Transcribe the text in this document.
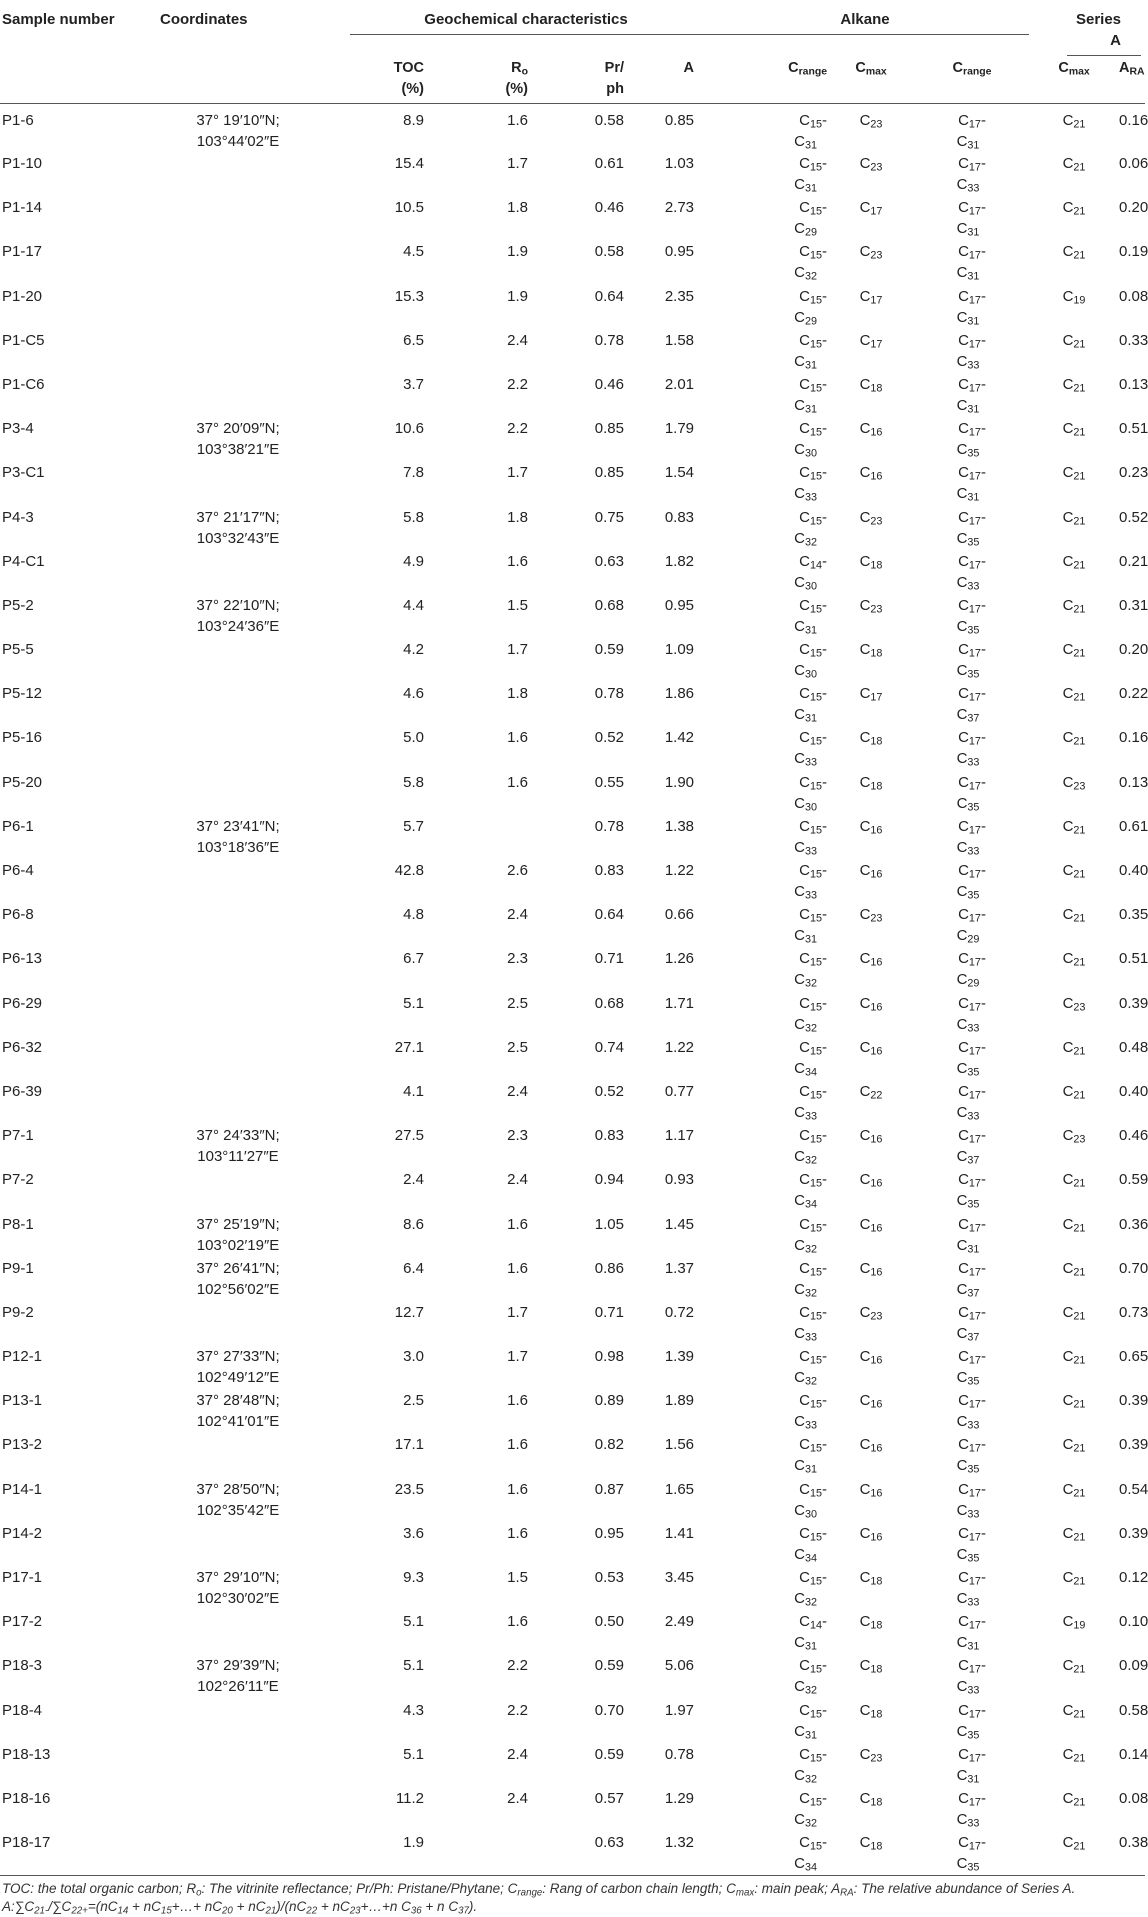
Sample number	Coordinates	Geochemical characteristics					Alkane		Series A	

		TOC
(%)	$R_o$
(%)	Pr/
ph	A	$C_{range}$	$C_{max}$	$C_{range}$	$C_{max}$	$A_{RA}$
P1-6	37° 19′10″N;
103°44′02″E	8.9	1.6	0.58	0.85	$C_{15}-$
$C_{31}$	$C_{23}$	$C_{17}-$
$C_{31}$	$C_{21}$	0.16
P1-10		15.4	1.7	0.61	1.03	$C_{15}-$
$C_{31}$	$C_{23}$	$C_{17}-$
$C_{33}$	$C_{21}$	0.06
P1-14		10.5	1.8	0.46	2.73	$C_{15}-$
$C_{29}$	$C_{17}$	$C_{17}-$
$C_{31}$	$C_{21}$	0.20
P1-17		4.5	1.9	0.58	0.95	$C_{15}-$
$C_{32}$	$C_{23}$	$C_{17}-$
$C_{31}$	$C_{21}$	0.19
P1-20		15.3	1.9	0.64	2.35	$C_{15}-$
$C_{29}$	$C_{17}$	$C_{17}-$
$C_{31}$	$C_{19}$	0.08
P1-C5		6.5	2.4	0.78	1.58	$C_{15}-$
$C_{31}$	$C_{17}$	$C_{17}-$
$C_{33}$	$C_{21}$	0.33
P1-C6		3.7	2.2	0.46	2.01	$C_{15}-$
$C_{31}$	$C_{18}$	$C_{17}-$
$C_{31}$	$C_{21}$	0.13
P3-4	37° 20′09″N;
103°38′21″E	10.6	2.2	0.85	1.79	$C_{15}-$
$C_{30}$	$C_{16}$	$C_{17}-$
$C_{35}$	$C_{21}$	0.51
P3-C1		7.8	1.7	0.85	1.54	$C_{15}-$
$C_{33}$	$C_{16}$	$C_{17}-$
$C_{31}$	$C_{21}$	0.23
P4-3	37° 21′17″N;
103°32′43″E	5.8	1.8	0.75	0.83	$C_{15}-$
$C_{32}$	$C_{23}$	$C_{17}-$
$C_{35}$	$C_{21}$	0.52
P4-C1		4.9	1.6	0.63	1.82	$C_{14}-$
$C_{30}$	$C_{18}$	$C_{17}-$
$C_{33}$	$C_{21}$	0.21
P5-2	37° 22′10″N;
103°24′36″E	4.4	1.5	0.68	0.95	$C_{15}-$
$C_{31}$	$C_{23}$	$C_{17}-$
$C_{35}$	$C_{21}$	0.31
P5-5		4.2	1.7	0.59	1.09	$C_{15}-$
$C_{30}$	$C_{18}$	$C_{17}-$
$C_{35}$	$C_{21}$	0.20
P5-12		4.6	1.8	0.78	1.86	$C_{15}-$
$C_{31}$	$C_{17}$	$C_{17}-$
$C_{37}$	$C_{21}$	0.22
P5-16		5.0	1.6	0.52	1.42	$C_{15}-$
$C_{33}$	$C_{18}$	$C_{17}-$
$C_{33}$	$C_{21}$	0.16
P5-20		5.8	1.6	0.55	1.90	$C_{15}-$
$C_{30}$	$C_{18}$	$C_{17}-$
$C_{35}$	$C_{23}$	0.13
P6-1	37° 23′41″N;
103°18′36″E	5.7		0.78	1.38	$C_{15}-$
$C_{33}$	$C_{16}$	$C_{17}-$
$C_{33}$	$C_{21}$	0.61
P6-4		42.8	2.6	0.83	1.22	$C_{15}-$
$C_{33}$	$C_{16}$	$C_{17}-$
$C_{35}$	$C_{21}$	0.40
P6-8		4.8	2.4	0.64	0.66	$C_{15}-$
$C_{31}$	$C_{23}$	$C_{17}-$
$C_{29}$	$C_{21}$	0.35
P6-13		6.7	2.3	0.71	1.26	$C_{15}-$
$C_{32}$	$C_{16}$	$C_{17}-$
$C_{29}$	$C_{21}$	0.51
P6-29		5.1	2.5	0.68	1.71	$C_{15}-$
$C_{32}$	$C_{16}$	$C_{17}-$
$C_{33}$	$C_{23}$	0.39
P6-32		27.1	2.5	0.74	1.22	$C_{15}-$
$C_{34}$	$C_{16}$	$C_{17}-$
$C_{35}$	$C_{21}$	0.48
P6-39		4.1	2.4	0.52	0.77	$C_{15}-$
$C_{33}$	$C_{22}$	$C_{17}-$
$C_{33}$	$C_{21}$	0.40
P7-1	37° 24′33″N;
103°11′27″E	27.5	2.3	0.83	1.17	$C_{15}-$
$C_{32}$	$C_{16}$	$C_{17}-$
$C_{37}$	$C_{23}$	0.46
P7-2		2.4	2.4	0.94	0.93	$C_{15}-$
$C_{34}$	$C_{16}$	$C_{17}-$
$C_{35}$	$C_{21}$	0.59
P8-1	37° 25′19″N;
103°02′19″E	8.6	1.6	1.05	1.45	$C_{15}-$
$C_{32}$	$C_{16}$	$C_{17}-$
$C_{31}$	$C_{21}$	0.36
P9-1	37° 26′41″N;
102°56′02″E	6.4	1.6	0.86	1.37	$C_{15}-$
$C_{32}$	$C_{16}$	$C_{17}-$
$C_{37}$	$C_{21}$	0.70
P9-2		12.7	1.7	0.71	0.72	$C_{15}-$
$C_{33}$	$C_{23}$	$C_{17}-$
$C_{37}$	$C_{21}$	0.73
P12-1	37° 27′33″N;
102°49′12″E	3.0	1.7	0.98	1.39	$C_{15}-$
$C_{32}$	$C_{16}$	$C_{17}-$
$C_{35}$	$C_{21}$	0.65
P13-1	37° 28′48″N;
102°41′01″E	2.5	1.6	0.89	1.89	$C_{15}-$
$C_{33}$	$C_{16}$	$C_{17}-$
$C_{33}$	$C_{21}$	0.39
P13-2		17.1	1.6	0.82	1.56	$C_{15}-$
$C_{31}$	$C_{16}$	$C_{17}-$
$C_{35}$	$C_{21}$	0.39
P14-1	37° 28′50″N;
102°35′42″E	23.5	1.6	0.87	1.65	$C_{15}-$
$C_{30}$	$C_{16}$	$C_{17}-$
$C_{33}$	$C_{21}$	0.54
P14-2		3.6	1.6	0.95	1.41	$C_{15}-$
$C_{34}$	$C_{16}$	$C_{17}-$
$C_{35}$	$C_{21}$	0.39
P17-1	37° 29′10″N;
102°30′02″E	9.3	1.5	0.53	3.45	$C_{15}-$
$C_{32}$	$C_{18}$	$C_{17}-$
$C_{33}$	$C_{21}$	0.12
P17-2		5.1	1.6	0.50	2.49	$C_{14}-$
$C_{31}$	$C_{18}$	$C_{17}-$
$C_{31}$	$C_{19}$	0.10
P18-3	37° 29′39″N;
102°26′11″E	5.1	2.2	0.59	5.06	$C_{15}-$
$C_{32}$	$C_{18}$	$C_{17}-$
$C_{33}$	$C_{21}$	0.09
P18-4		4.3	2.2	0.70	1.97	$C_{15}-$
$C_{31}$	$C_{18}$	$C_{17}-$
$C_{35}$	$C_{21}$	0.58
P18-13		5.1	2.4	0.59	0.78	$C_{15}-$
$C_{32}$	$C_{23}$	$C_{17}-$
$C_{31}$	$C_{21}$	0.14
P18-16		11.2	2.4	0.57	1.29	$C_{15}-$
$C_{32}$	$C_{18}$	$C_{17}-$
$C_{33}$	$C_{21}$	0.08
P18-17		1.9		0.63	1.32	$C_{15}-$
$C_{34}$	$C_{18}$	$C_{17}-$
$C_{35}$	$C_{21}$	0.38
TOC: the total organic carbon; $R_o$: The vitrinite reflectance; Pr/Ph: Pristane/Phytane; $C_{range}$: Rang of carbon chain length; $C_{max}$: main peak; $A_{RA}$: The relative abundance of Series A.
$A:\sum C_{21-}/\sum C_{22+}=(nC_{14}$ + $nC_{15}+\dots+ nC_{20} + nC_{21})/(nC_{22}$ + $nC_{23}+\dots+n$ $C_{36} + n$ $C_{37}$).										
